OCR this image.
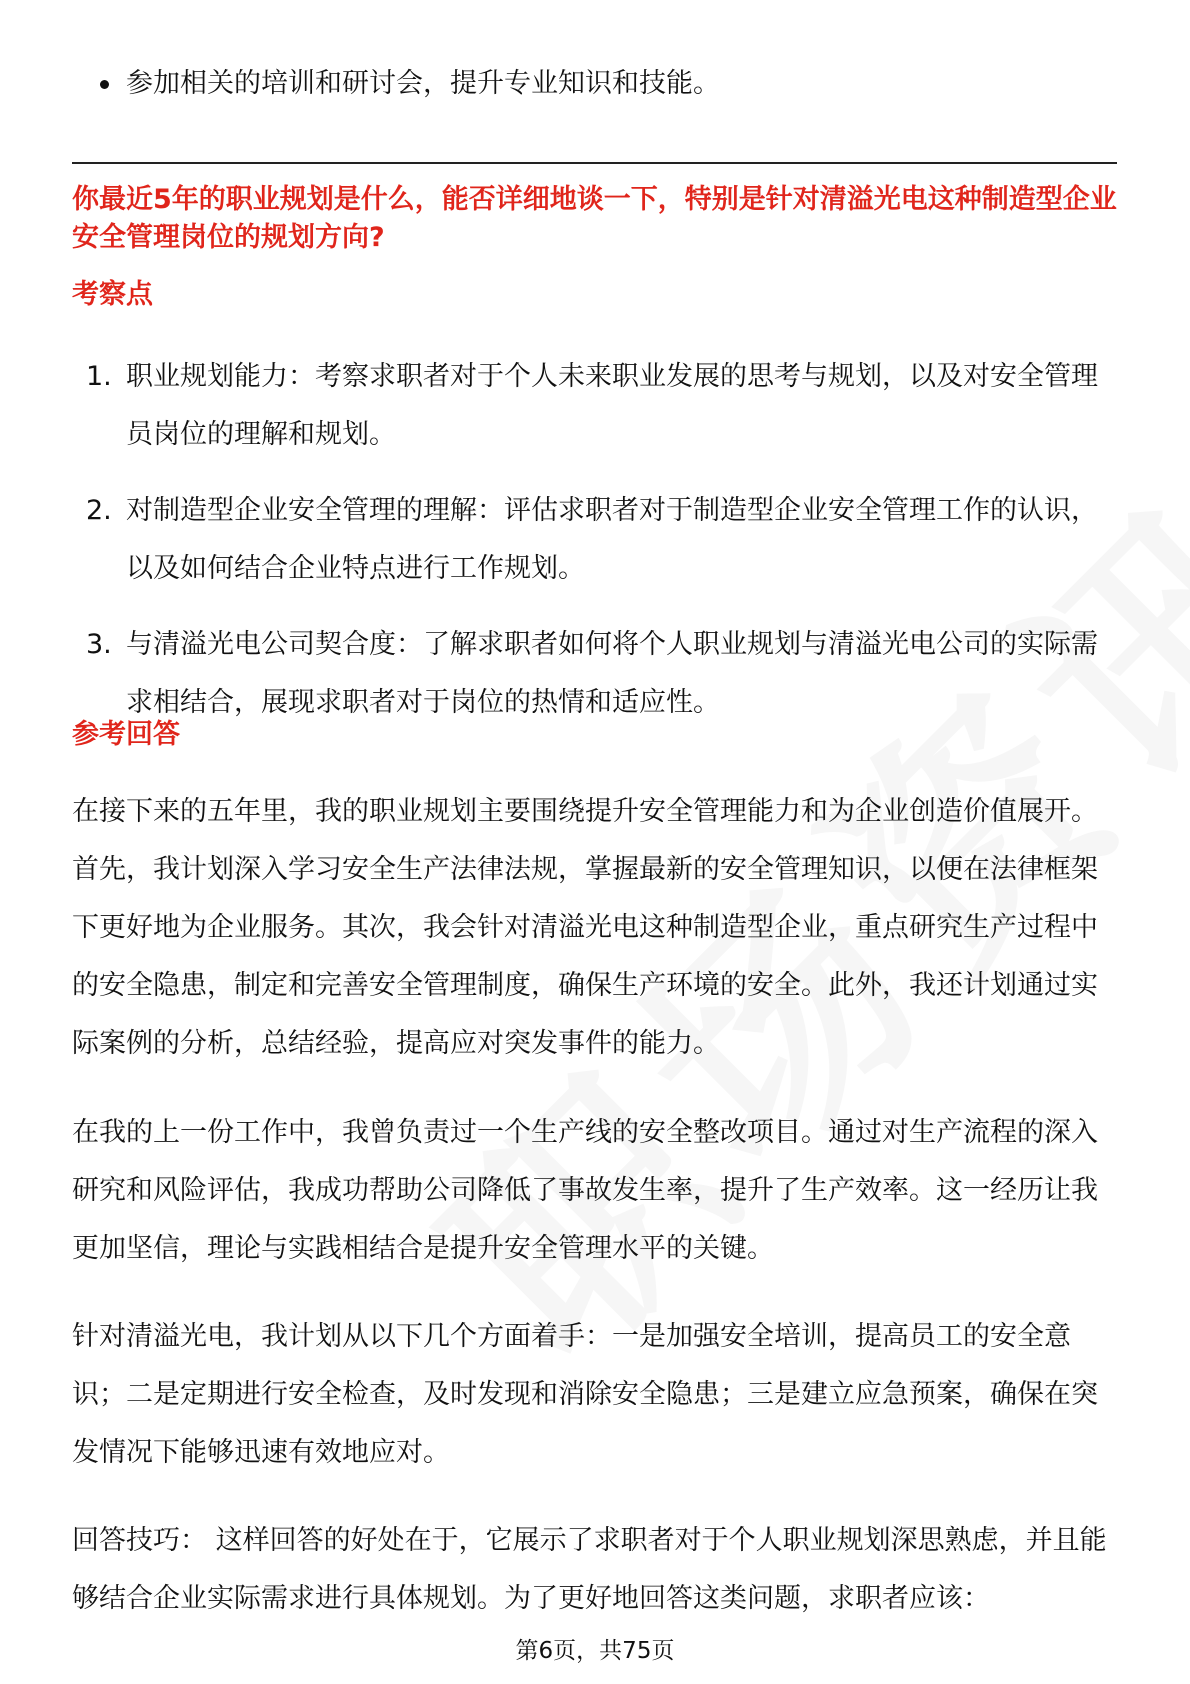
参加相关的培训和研讨会，提升专业知识和技能。
你最近5年的职业规划是什么，能否详细地谈一下，特别是针对清溢光电这种制造型企业安全管理岗位的规划方向?
考察点
1. 职业规划能力：考察求职者对于个人未来职业发展的思考与规划，以及对安全管理员岗位的理解和规划。
2. 对制造型企业安全管理的理解：评估求职者对于制造型企业安全管理工作的认识，以及如何结合企业特点进行工作规划。
3. 与清溢光电公司契合度：了解求职者如何将个人职业规划与清溢光电公司的实际需求相结合，展现求职者对于岗位的热情和适应性。
参考回答

在接下来的五年里，我的职业规划主要围绕提升安全管理能力和为企业创造价值展开。首先，我计划深入学习安全生产法律法规，掌握最新的安全管理知识，以便在法律框架下更好地为企业服务。其次，我会针对清溢光电这种制造型企业，重点研究生产过程中的安全隐患，制定和完善安全管理制度，确保生产环境的安全。此外，我还计划通过实际案例的分析，总结经验，提高应对突发事件的能力。

在我的上一份工作中，我曾负责过一个生产线的安全整改项目。通过对生产流程的深入研究和风险评估，我成功帮助公司降低了事故发生率，提升了生产效率。这一经历让我更加坚信，理论与实践相结合是提升安全管理水平的关键。

针对清溢光电，我计划从以下几个方面着手：一是加强安全培训，提高员工的安全意识；二是定期进行安全检查，及时发现和消除安全隐患；三是建立应急预案，确保在突发情况下能够迅速有效地应对。

回答技巧： 这样回答的好处在于，它展示了求职者对于个人职业规划深思熟虑，并且能够结合企业实际需求进行具体规划。为了更好地回答这类问题，求职者应该：

第6页，共75页
